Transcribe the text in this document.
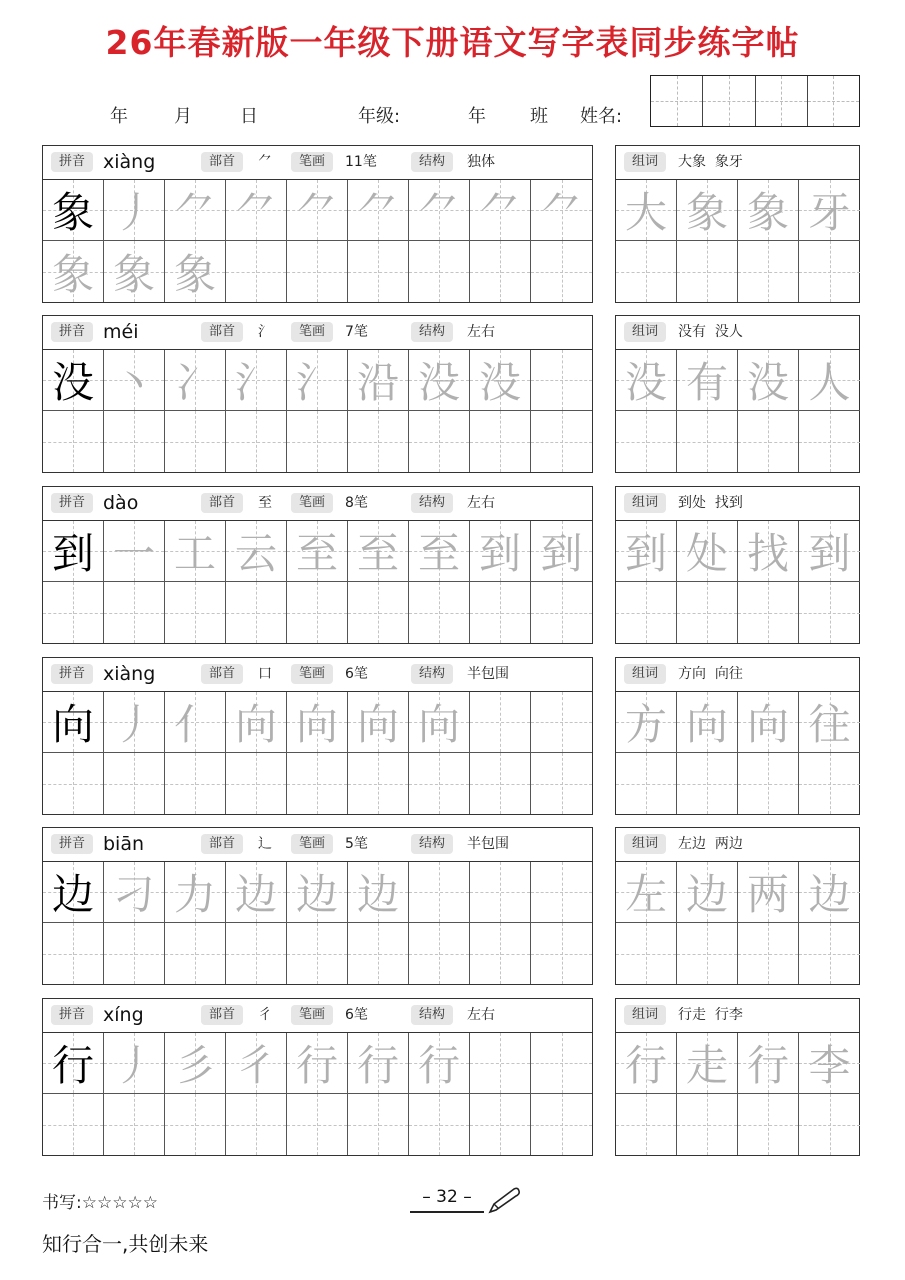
26年春新版一年级下册语文写字表同步练字帖
年	月	日	年级:	年 班 姓名:
拼音 xiàng	部首	⺈	笔画	11笔	结构	独体
象 丿 ⺈ ⺈ ⺈ ⺈ ⺈ ⺈ ⺈
象 象 象
组词	大象  象牙
大 象 象 牙
拼音 méi	部首	氵	笔画	7笔	结构	左右
没 丶 冫 氵 氵 沿 没 没
组词	没有  没人
没 有 没 人
拼音 dào	部首	至	笔画	8笔	结构	左右
到 一 工 云 至 至 至 到 到
组词	到处  找到
到 处 找 到
拼音 xiàng	部首	口	笔画	6笔	结构	半包围
向 丿 亻 向 向 向 向
组词	方向  向往
方 向 向 往
拼音 biān	部首	辶	笔画	5笔	结构	半包围
边 刁 力 边 边 边
组词	左边  两边
左 边 两 边
拼音 xíng	部首	彳	笔画	6笔	结构	左右
行 丿 彡 彳 行 行 行
组词	行走  行李
行 走 行 李
书写:☆☆☆☆☆	– 32 –
知行合一,共创未来
